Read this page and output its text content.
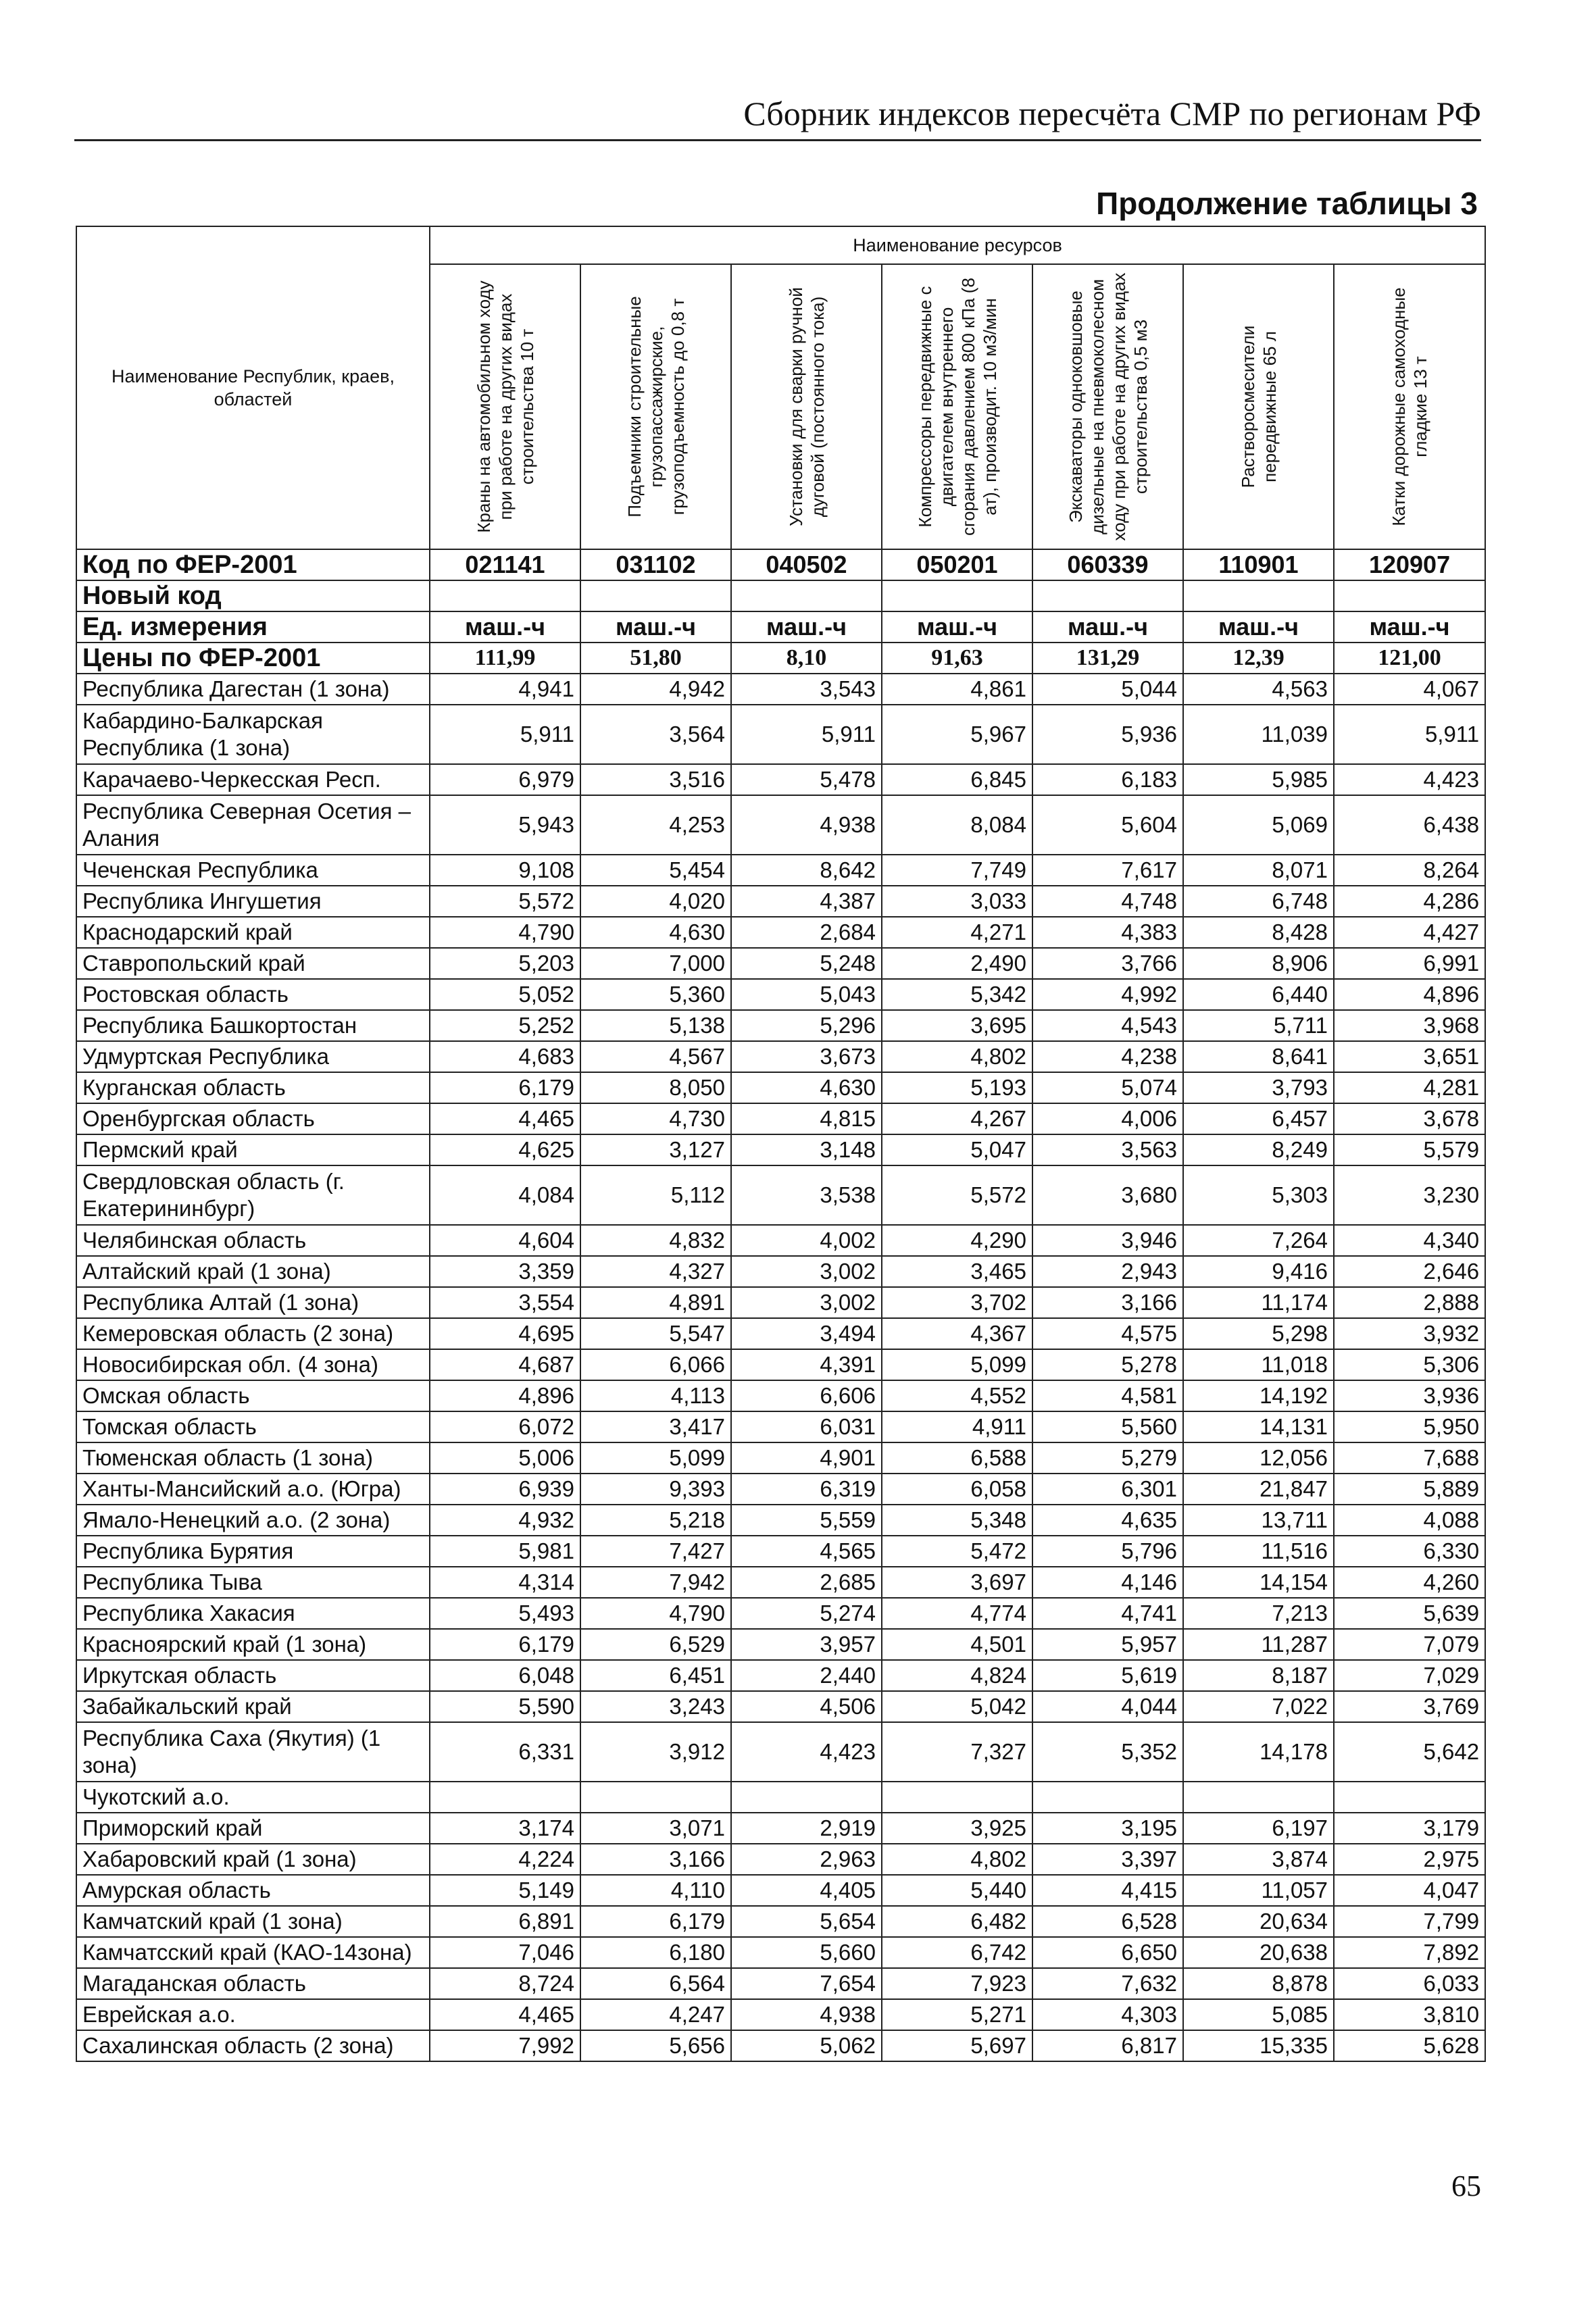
Сборник индексов пересчёта СМР по регионам РФ
Продолжение таблицы 3
Наименование Республик, краев, областей	Наименование ресурсов						

	Краны на автомобильном ходу при работе на других видах строительства 10 т	Подъемники строительные грузопассажирские, грузоподъемность до 0,8 т	Установки для сварки ручной дуговой (постоянного тока)	Компрессоры передвижные с двигателем внутреннего сгорания давлением 800 кПа (8 ат), производит. 10 м3/мин	Экскаваторы одноковшовые дизельные на пневмоколесном ходу при работе на других видах строительства 0,5 м3	Растворосмесители передвижные 65 л	Катки дорожные самоходные гладкие 13 т

Код по ФЕР-2001	021141	031102	040502	050201	060339	110901	120907
Новый код							
Ед. измерения	маш.-ч	маш.-ч	маш.-ч	маш.-ч	маш.-ч	маш.-ч	маш.-ч
Цены по ФЕР-2001	111,99	51,80	8,10	91,63	131,29	12,39	121,00
Республика Дагестан (1 зона)	4,941	4,942	3,543	4,861	5,044	4,563	4,067
Кабардино-Балкарская Республика (1 зона)	5,911	3,564	5,911	5,967	5,936	11,039	5,911
Карачаево-Черкесская Респ.	6,979	3,516	5,478	6,845	6,183	5,985	4,423
Республика Северная Осетия – Алания	5,943	4,253	4,938	8,084	5,604	5,069	6,438
Чеченская Республика	9,108	5,454	8,642	7,749	7,617	8,071	8,264
Республика Ингушетия	5,572	4,020	4,387	3,033	4,748	6,748	4,286
Краснодарский край	4,790	4,630	2,684	4,271	4,383	8,428	4,427
Ставропольский край	5,203	7,000	5,248	2,490	3,766	8,906	6,991
Ростовская область	5,052	5,360	5,043	5,342	4,992	6,440	4,896
Республика Башкортостан	5,252	5,138	5,296	3,695	4,543	5,711	3,968
Удмуртская Республика	4,683	4,567	3,673	4,802	4,238	8,641	3,651
Курганская область	6,179	8,050	4,630	5,193	5,074	3,793	4,281
Оренбургская область	4,465	4,730	4,815	4,267	4,006	6,457	3,678
Пермский край	4,625	3,127	3,148	5,047	3,563	8,249	5,579
Свердловская область (г. Екатерининбург)	4,084	5,112	3,538	5,572	3,680	5,303	3,230
Челябинская область	4,604	4,832	4,002	4,290	3,946	7,264	4,340
Алтайский край (1 зона)	3,359	4,327	3,002	3,465	2,943	9,416	2,646
Республика Алтай (1 зона)	3,554	4,891	3,002	3,702	3,166	11,174	2,888
Кемеровская область (2 зона)	4,695	5,547	3,494	4,367	4,575	5,298	3,932
Новосибирская обл. (4 зона)	4,687	6,066	4,391	5,099	5,278	11,018	5,306
Омская область	4,896	4,113	6,606	4,552	4,581	14,192	3,936
Томская область	6,072	3,417	6,031	4,911	5,560	14,131	5,950
Тюменская область (1 зона)	5,006	5,099	4,901	6,588	5,279	12,056	7,688
Ханты-Мансийский а.о. (Югра)	6,939	9,393	6,319	6,058	6,301	21,847	5,889
Ямало-Ненецкий а.о. (2 зона)	4,932	5,218	5,559	5,348	4,635	13,711	4,088
Республика Бурятия	5,981	7,427	4,565	5,472	5,796	11,516	6,330
Республика Тыва	4,314	7,942	2,685	3,697	4,146	14,154	4,260
Республика Хакасия	5,493	4,790	5,274	4,774	4,741	7,213	5,639
Красноярский край (1 зона)	6,179	6,529	3,957	4,501	5,957	11,287	7,079
Иркутская область	6,048	6,451	2,440	4,824	5,619	8,187	7,029
Забайкальский край	5,590	3,243	4,506	5,042	4,044	7,022	3,769
Республика Саха (Якутия) (1 зона)	6,331	3,912	4,423	7,327	5,352	14,178	5,642
Чукотский а.о.							
Приморский край	3,174	3,071	2,919	3,925	3,195	6,197	3,179
Хабаровский край (1 зона)	4,224	3,166	2,963	4,802	3,397	3,874	2,975
Амурская область	5,149	4,110	4,405	5,440	4,415	11,057	4,047
Камчатский край (1 зона)	6,891	6,179	5,654	6,482	6,528	20,634	7,799
Камчатсский край (КАО-14зона)	7,046	6,180	5,660	6,742	6,650	20,638	7,892
Магаданская область	8,724	6,564	7,654	7,923	7,632	8,878	6,033
Еврейская а.о.	4,465	4,247	4,938	5,271	4,303	5,085	3,810
Сахалинская область (2 зона)	7,992	5,656	5,062	5,697	6,817	15,335	5,628
65
